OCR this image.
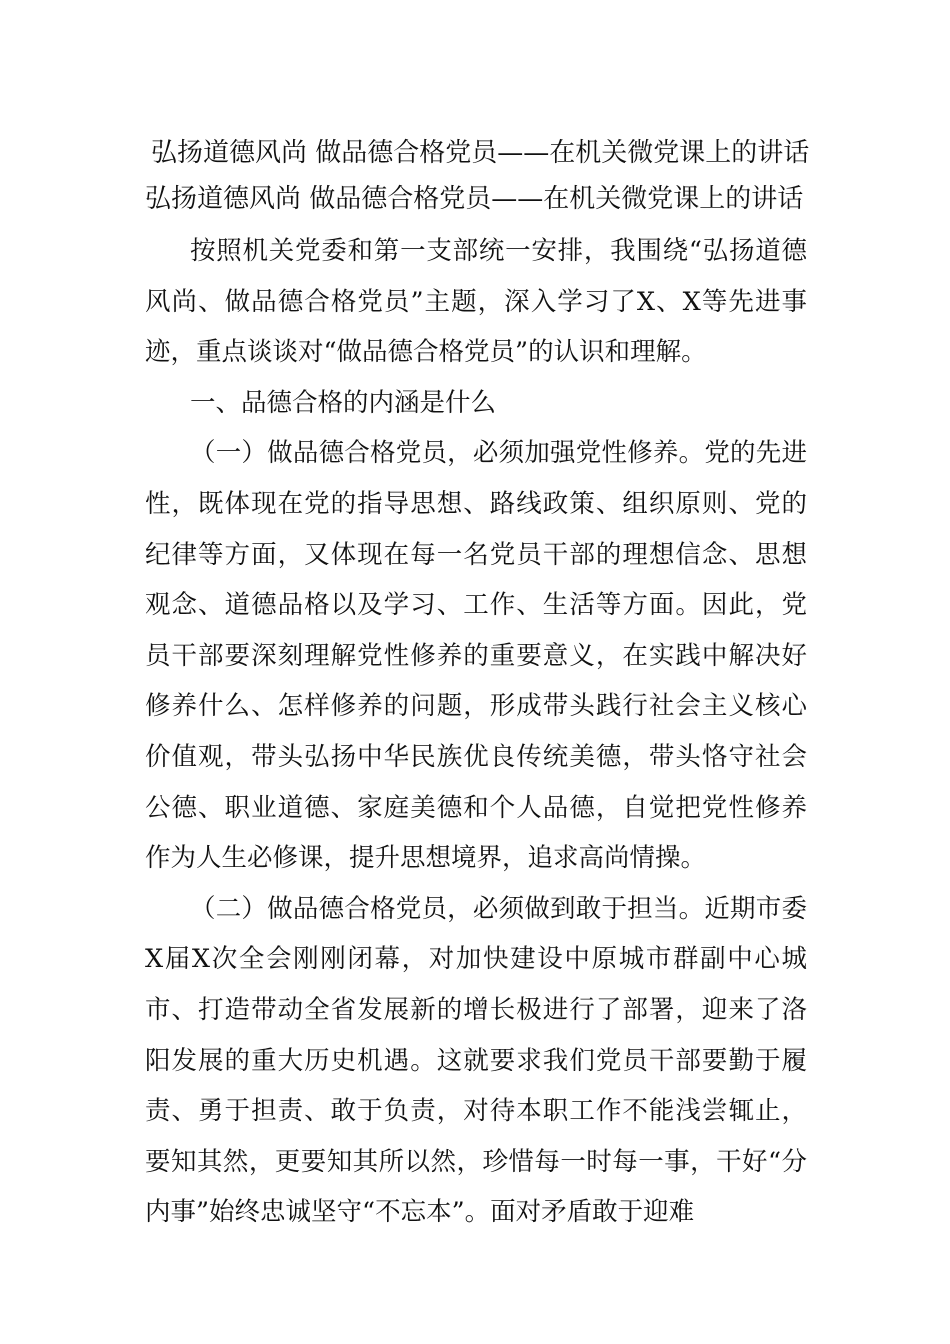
弘扬道德风尚 做品德合格党员——在机关微党课上的讲话
弘扬道德风尚 做品德合格党员——在机关微党课上的讲话

按照机关党委和第一支部统一安排，我围绕“弘扬道德风尚、做品德合格党员”主题，深入学习了X、X等先进事迹，重点谈谈对“做品德合格党员”的认识和理解。

一、品德合格的内涵是什么

（一）做品德合格党员，必须加强党性修养。党的先进性，既体现在党的指导思想、路线政策、组织原则、党的纪律等方面，又体现在每一名党员干部的理想信念、思想观念、道德品格以及学习、工作、生活等方面。因此，党员干部要深刻理解党性修养的重要意义，在实践中解决好修养什么、怎样修养的问题，形成带头践行社会主义核心价值观，带头弘扬中华民族优良传统美德，带头恪守社会公德、职业道德、家庭美德和个人品德，自觉把党性修养作为人生必修课，提升思想境界，追求高尚情操。

（二）做品德合格党员，必须做到敢于担当。近期市委X届X次全会刚刚闭幕，对加快建设中原城市群副中心城市、打造带动全省发展新的增长极进行了部署，迎来了洛阳发展的重大历史机遇。这就要求我们党员干部要勤于履责、勇于担责、敢于负责，对待本职工作不能浅尝辄止，要知其然，更要知其所以然，珍惜每一时每一事，干好“分内事”始终忠诚坚守“不忘本”。面对矛盾敢于迎难
